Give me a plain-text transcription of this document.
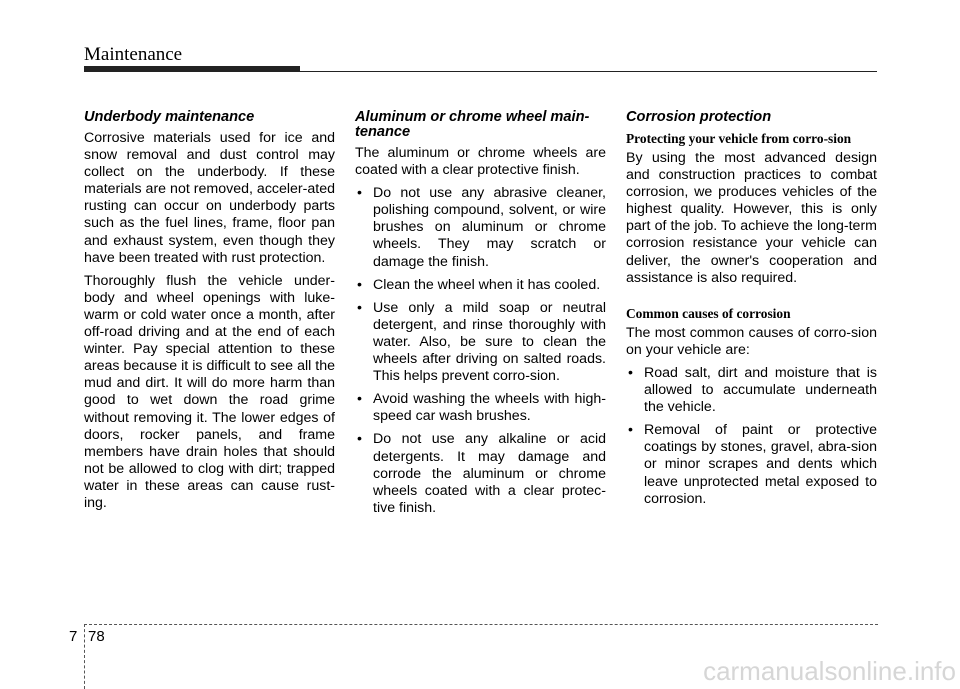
Maintenance
Underbody maintenance

Corrosive materials used for ice and snow removal and dust control may collect on the underbody. If these materials are not removed, acceler-ated rusting can occur on underbody parts such as the fuel lines, frame, floor pan and exhaust system, even though they have been treated with rust protection.

Thoroughly flush the vehicle under-body and wheel openings with luke-warm or cold water once a month, after off-road driving and at the end of each winter. Pay special attention to these areas because it is difficult to see all the mud and dirt. It will do more harm than good to wet down the road grime without removing it. The lower edges of doors, rocker panels, and frame members have drain holes that should not be allowed to clog with dirt; trapped water in these areas can cause rust-ing.

Aluminum or chrome wheel main-tenance

The aluminum or chrome wheels are coated with a clear protective finish.

• Do not use any abrasive cleaner, polishing compound, solvent, or wire brushes on aluminum or chrome wheels. They may scratch or damage the finish.
• Clean the wheel when it has cooled.
• Use only a mild soap or neutral detergent, and rinse thoroughly with water. Also, be sure to clean the wheels after driving on salted roads. This helps prevent corro-sion.
• Avoid washing the wheels with high-speed car wash brushes.
• Do not use any alkaline or acid detergents. It may damage and corrode the aluminum or chrome wheels coated with a clear protec-tive finish.
Corrosion protection
Protecting your vehicle from corro-sion

By using the most advanced design and construction practices to combat corrosion, we produces vehicles of the highest quality. However, this is only part of the job. To achieve the long-term corrosion resistance your vehicle can deliver, the owner's cooperation and assistance is also required.

Common causes of corrosion

The most common causes of corro-sion on your vehicle are:

• Road salt, dirt and moisture that is allowed to accumulate underneath the vehicle.
• Removal of paint or protective coatings by stones, gravel, abra-sion or minor scrapes and dents which leave unprotected metal exposed to corrosion.
7 78
carmanualsonline.info
